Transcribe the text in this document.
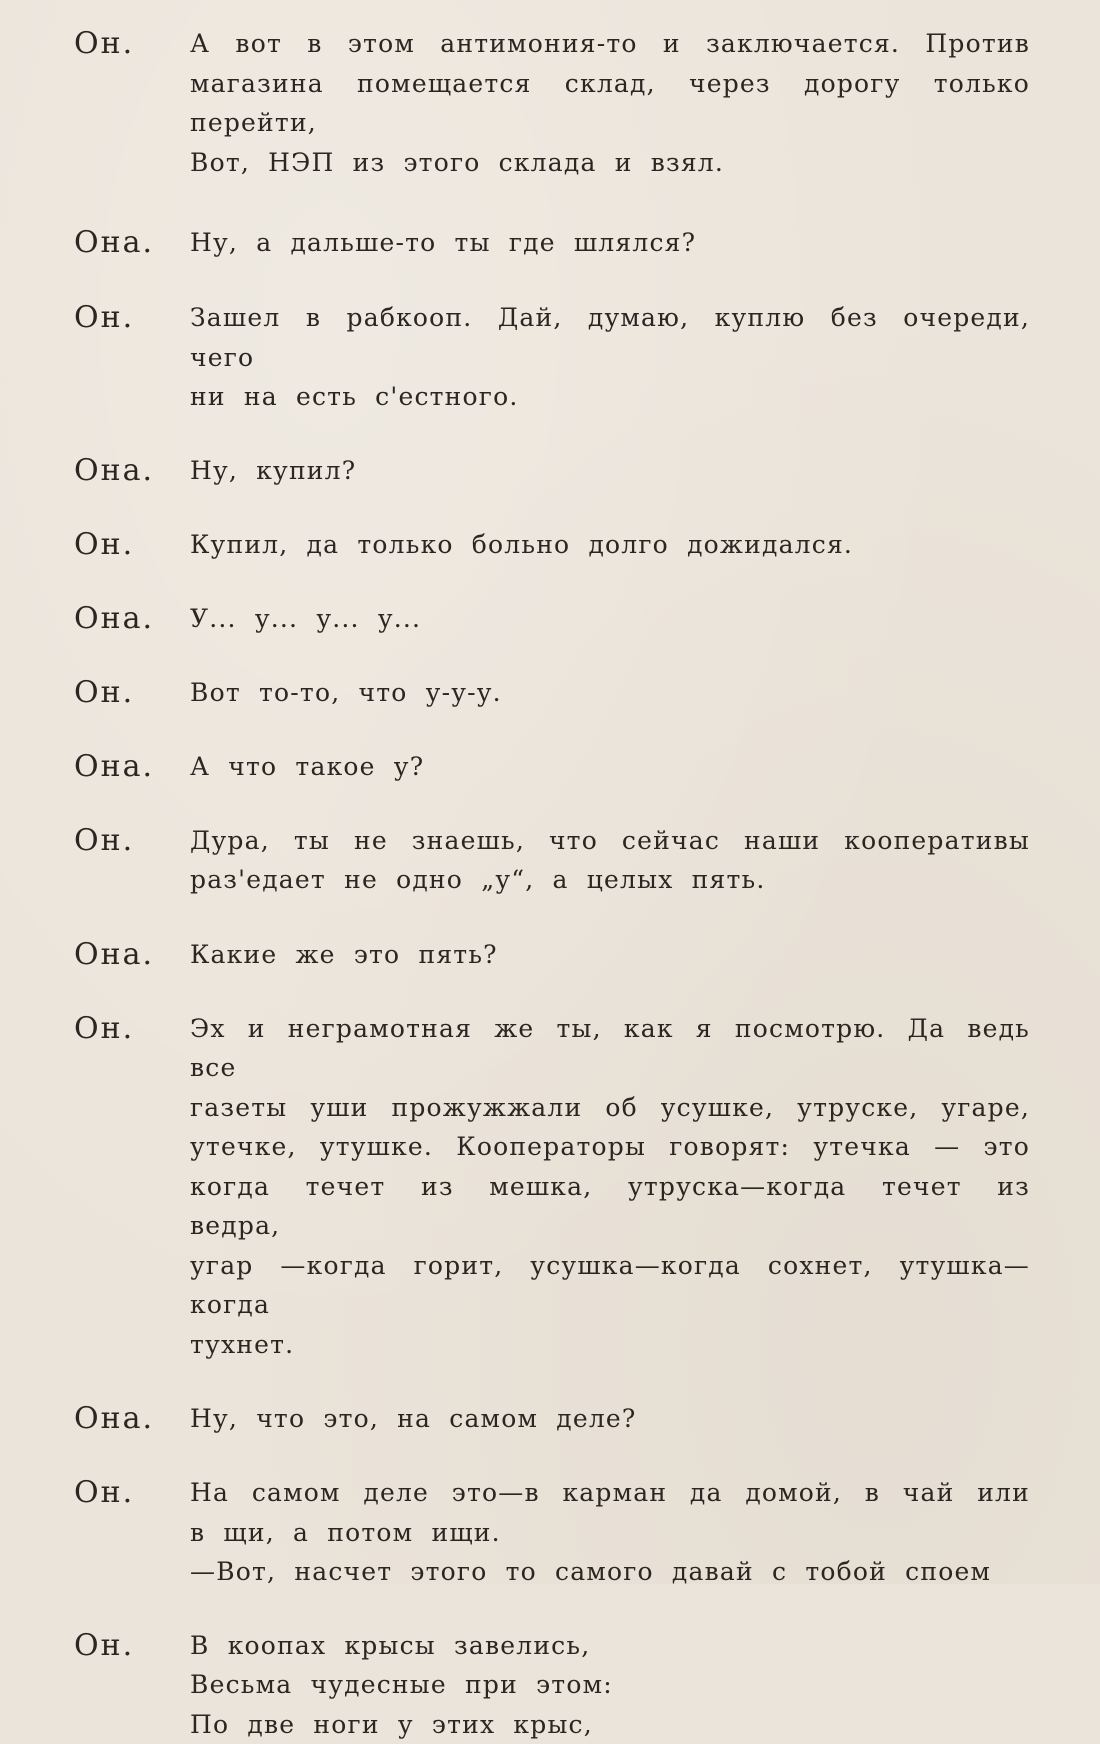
Он.	А вот в этом антимония-то и заключается. Против
магазина помещается склад, через дорогу только перейти,
Вот, НЭП из этого склада и взял.
Она.	Ну, а дальше-то ты где шлялся?
Он.	Зашел в рабкооп. Дай, думаю, куплю без очереди, чего
ни на есть с'естного.
Она.	Ну, купил?
Он.	Купил, да только больно долго дожидался.
Она.	У... у... у... у...
Он.	Вот то-то, что у-у-у.
Она.	А что такое у?
Он.	Дура, ты не знаешь, что сейчас наши кооперативы
раз'едает не одно „у“, а целых пять.
Она.	Какие же это пять?
Он.	Эх и неграмотная же ты, как я посмотрю. Да ведь все
газеты уши прожужжали об усушке, утруске, угаре,
утечке, утушке. Кооператоры говорят: утечка — это
когда течет из мешка, утруска—когда течет из ведра,
угар —когда горит, усушка—когда сохнет, утушка—когда
тухнет.
Она.	Ну, что это, на самом деле?
Он.	На самом деле это—в карман да домой, в чай или
в щи, а потом ищи.
—Вот, насчет этого то самого давай с тобой споем
Он.	В коопах крысы завелись,
Весьма чудесные при этом:
По две ноги у этих крыс,
